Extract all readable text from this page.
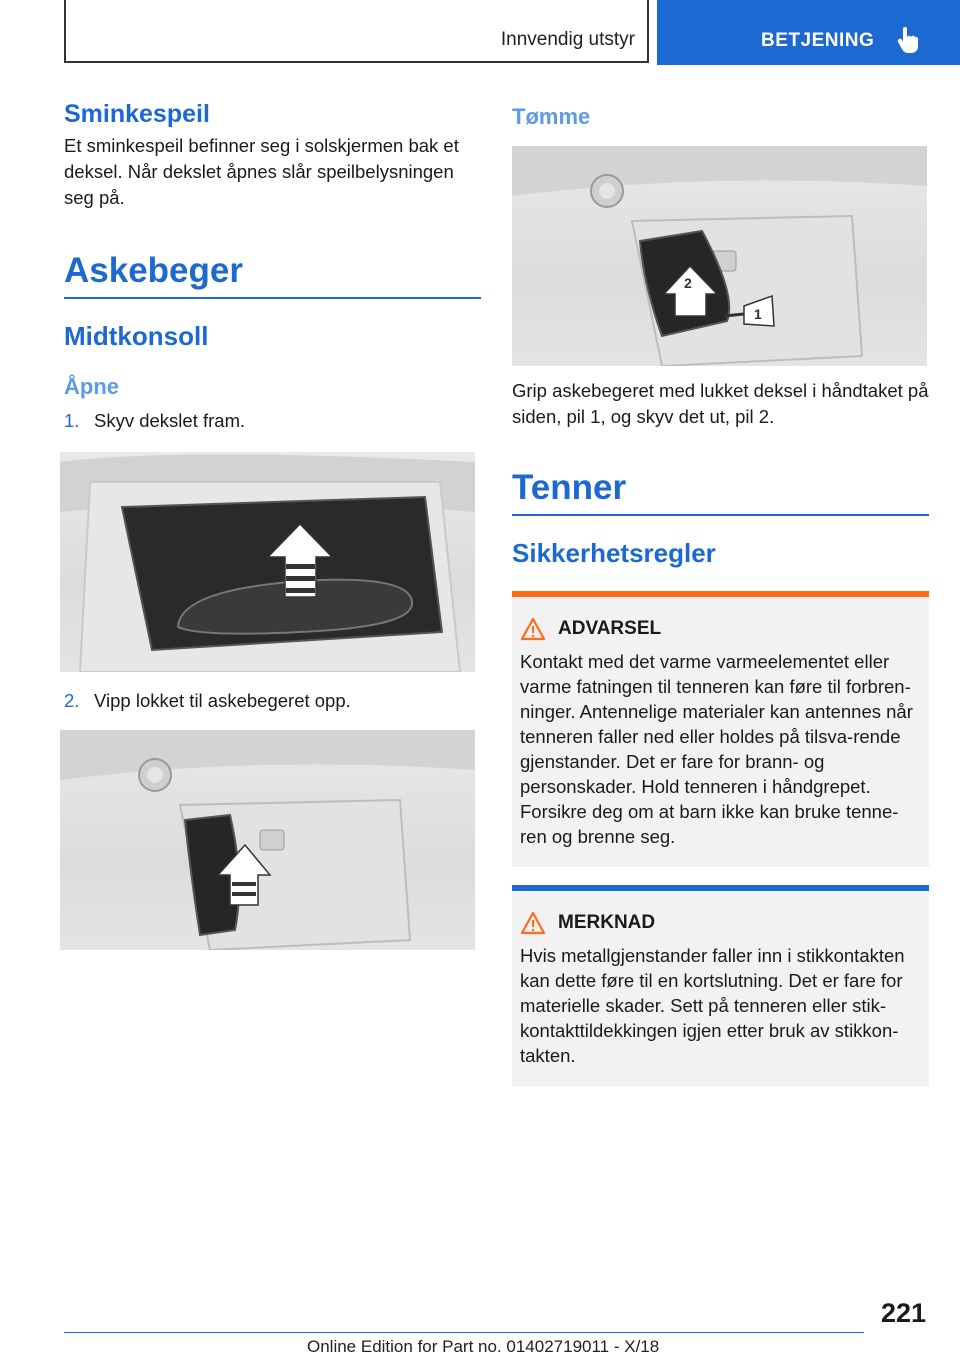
Innvendig utstyr	BETJENING
Sminkespeil

Et sminkespeil befinner seg i solskjermen bak et deksel. Når dekslet åpnes slår speilbelysningen seg på.

Askebeger
Midtkonsoll
Åpne
1. Skyv dekslet fram.
2. Vipp lokket til askebegeret opp.
Tømme
2
1

Grip askebegeret med lukket deksel i håndtaket på siden, pil 1, og skyv det ut, pil 2.

Tenner
Sikkerhetsregler
ADVARSEL
Kontakt med det varme varmeelementet eller varme fatningen til tenneren kan føre til forbren-ninger. Antennelige materialer kan antennes når tenneren faller ned eller holdes på tilsva-rende gjenstander. Det er fare for brann- og personskader. Hold tenneren i håndgrepet. Forsikre deg om at barn ikke kan bruke tenne-ren og brenne seg.
MERKNAD
Hvis metallgjenstander faller inn i stikkontakten kan dette føre til en kortslutning. Det er fare for materielle skader. Sett på tenneren eller stik-kontakttildekkingen igjen etter bruk av stikkon-takten.
221
Online Edition for Part no. 01402719011 - X/18
